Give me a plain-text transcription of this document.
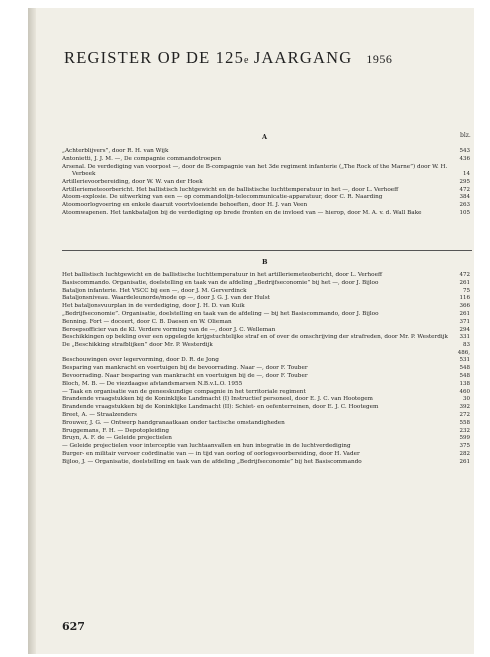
REGISTER OP DE 125e JAARGANG 1956
blz.
A
„Achterblijvers”, door R. H. van Wijk	543
Antonietti, J. J. M. —, De compagnie commandotroepen	436
Arsenal. De verdediging van voorpost —, door de B-compagnie van het 3de regiment infanterie („The Rock of the Marne”) door W. H. Verbeek	14
Artillerievoorbereiding, door W. W. van der Hoek	295
Artilleriemeteoorbericht. Het ballistisch luchtgewicht en de ballistische luchttemperatuur in het —, door L. Verhoeff	472
Atoom-explosie. De uitwerking van een — op commandolijn-telecommunicatie-apparatuur, door C. R. Naarding	384
Atoomoorlogvoering en enkele daaruit voortvloeiende behoeften, door H. J. van Veen	263
Atoomwapenen. Het tankbataljon bij de verdediging op brede fronten en de invloed van — hierop, door M. A. v. d. Wall Bake	105
B
Het ballistisch luchtgewicht en de ballistische luchttemperatuur in het artilleriemeteobericht, door L. Verhoeff	472
Basiscommando. Organisatie, doelstelling en taak van de afdeling „Bedrijfseconomie” bij het —, door J. Bijloo	261
Bataljon infanterie. Het VSCC bij een —, door J. M. Gerverdinck	75
Bataljonsniveau. Waardeleunorde/mode op —, door J. G. J. van der Hulst	116
Het bataljonsvuurplan in de verdediging, door J. H. D. van Kuik	366
„Bedrijfseconomie”. Organisatie, doelstelling en taak van de afdeling — bij het Basiscommando, door J. Bijloo	261
Benning. Fort — doceert, door C. B. Daesen en W. Olieman	371
Beroepsofficier van de Kl. Verdere vorming van de —, door J. C. Welleman	294
Beschikkingen op bekling over een opgelegde krijgstuchtelijke straf en of over de omschrijving der strafreden, door Mr. P. Westerdijk	331
De „Beschikking strafblijken” door Mr. P. Westerdijk	83
Beschouwingen over legervorming, door D. R. de Jong
486, 531
Besparing van mankracht en voertuigen bij de bevoorrading. Naar —, door F. Touber	548
Bevoorrading. Naar besparing van mankracht en voertuigen bij de —, door F. Touber	548
Bloch, M. B. — De viezdaagse afstandsmarsen N.B.v.L.O. 1955	138
— Taak en organisatie van de geneeskundige compagnie in het territoriale regiment	460
Brandende vraagstukken bij de Koninklijke Landmacht (I) Instructief personeel, door E. J. C. van Hootegem	30
Brandende vraagstukken bij de Koninklijke Landmacht (II): Schiet- en oefenterreinen, door E. J. C. Hootegem	392
Breet, A. — Straalzenders	272
Brouwer, J. G. — Ontwerp handgranaatkaan onder tactische omstandigheden	558
Bruggemans, F. H. — Depotopleiding	232
Bruyn, A. F. de — Geleide projectielen	599
— Geleide projectielen voor interceptie van luchtaanvallen en hun integratie in de luchtverdediging	375
Burger- en militair vervoer coördinatie van — in tijd van oorlog of oorlogsvoorbereiding, door H. Vader	282
Bijloo, J. — Organisatie, doelstelling en taak van de afdeling „Bedrijfseconomie” bij het Basiscommando	261
627
